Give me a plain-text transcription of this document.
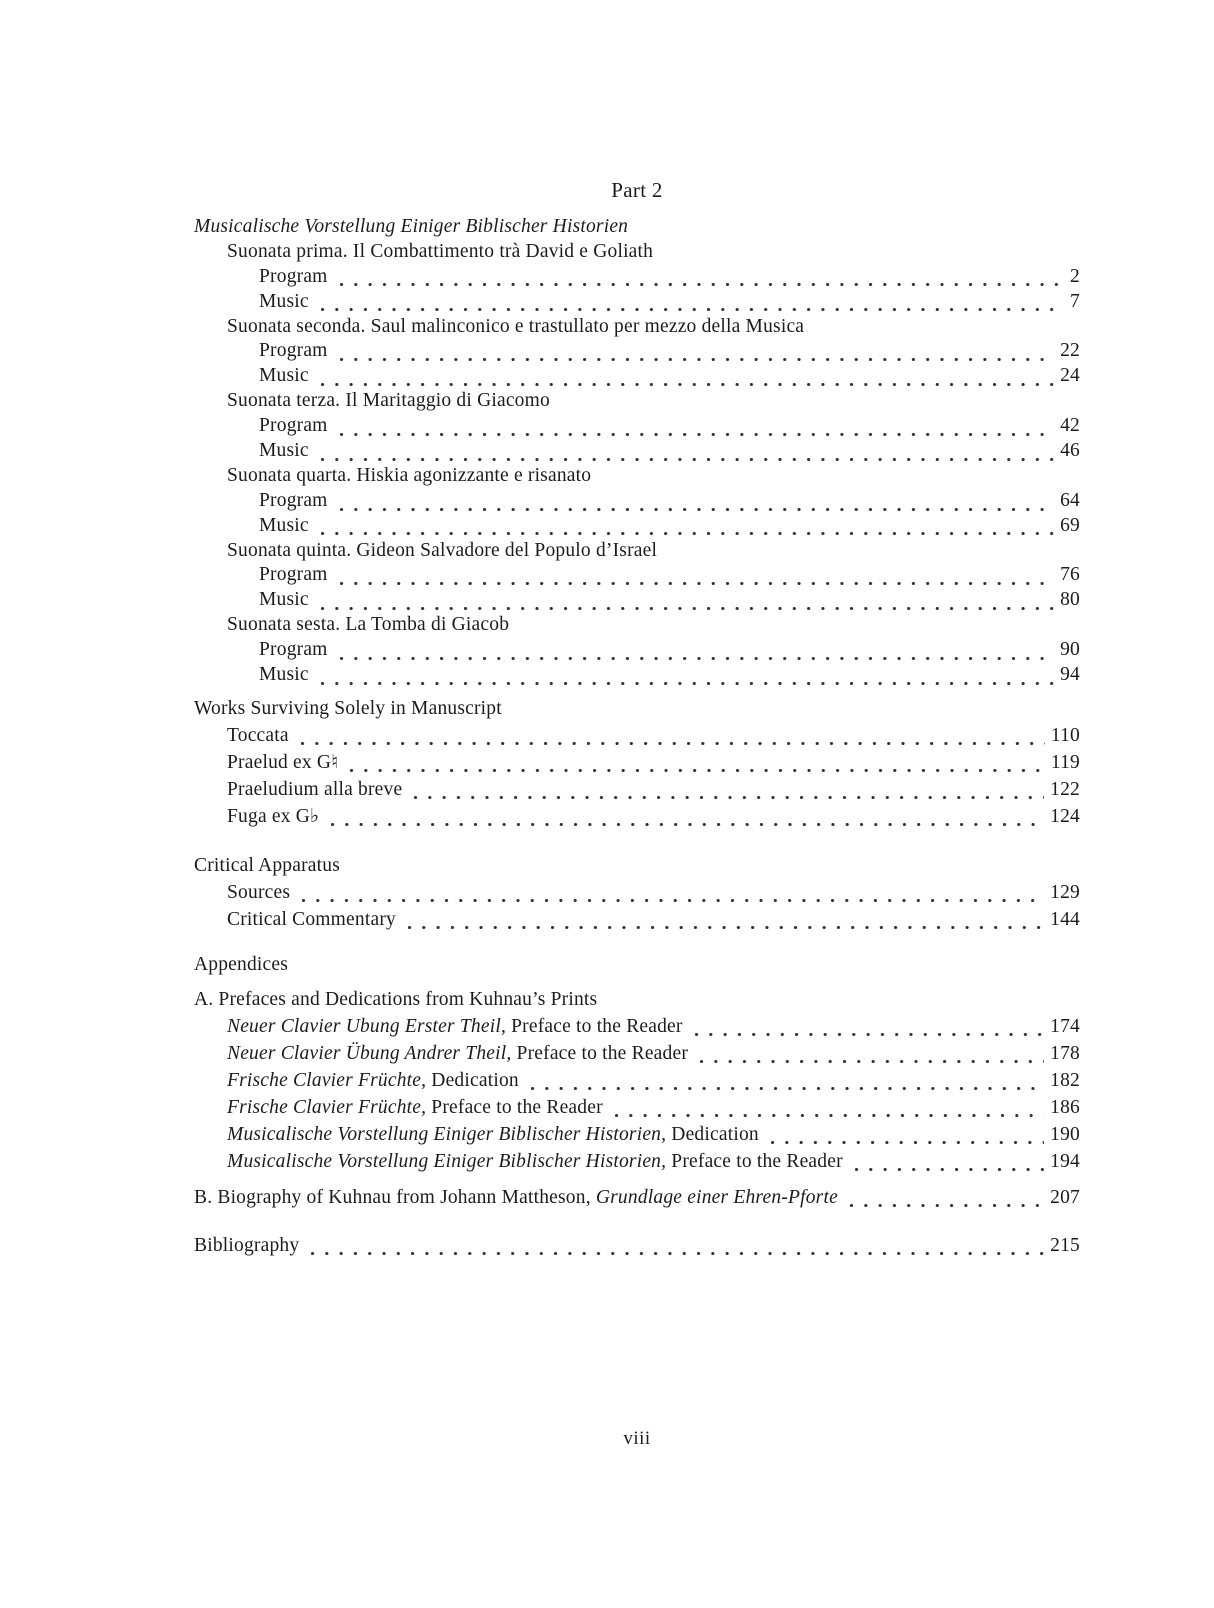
Part 2
Musicalische Vorstellung Einiger Biblischer Historien
Suonata prima. Il Combattimento trà David e Goliath
Program	2
Music	7
Suonata seconda. Saul malinconico e trastullato per mezzo della Musica
Program	22
Music	24
Suonata terza. Il Maritaggio di Giacomo
Program	42
Music	46
Suonata quarta. Hiskia agonizzante e risanato
Program	64
Music	69
Suonata quinta. Gideon Salvadore del Populo d’Israel
Program	76
Music	80
Suonata sesta. La Tomba di Giacob
Program	90
Music	94
Works Surviving Solely in Manuscript
Toccata	110
Praelud ex G♮	119
Praeludium alla breve	122
Fuga ex G♭	124
Critical Apparatus
Sources	129
Critical Commentary	144
Appendices
A. Prefaces and Dedications from Kuhnau’s Prints
Neuer Clavier Ubung Erster Theil, Preface to the Reader	174
Neuer Clavier Übung Andrer Theil, Preface to the Reader	178
Frische Clavier Früchte, Dedication	182
Frische Clavier Früchte, Preface to the Reader	186
Musicalische Vorstellung Einiger Biblischer Historien, Dedication	190
Musicalische Vorstellung Einiger Biblischer Historien, Preface to the Reader	194
B. Biography of Kuhnau from Johann Mattheson, Grundlage einer Ehren-Pforte	207
Bibliography	215
viii
